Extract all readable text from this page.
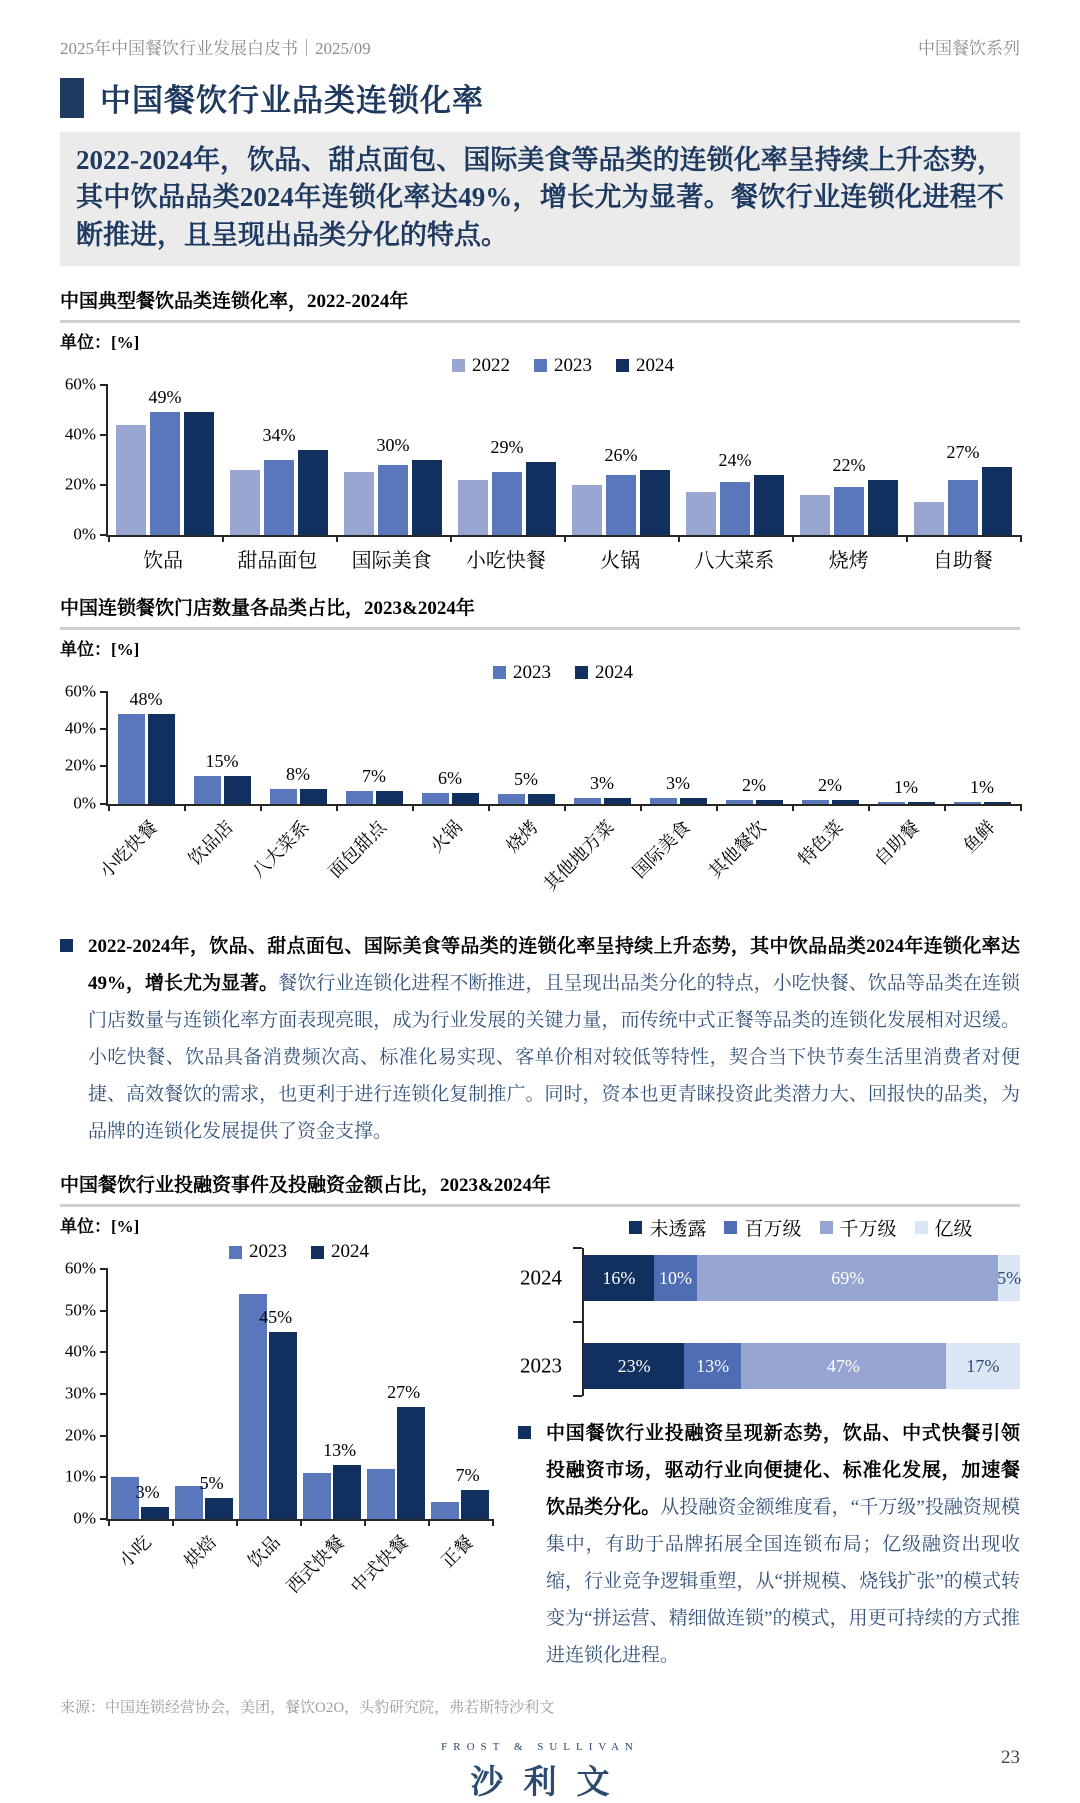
2025年中国餐饮行业发展白皮书｜2025/09	中国餐饮系列
中国餐饮行业品类连锁化率
2022-2024年，饮品、甜点面包、国际美食等品类的连锁化率呈持续上升态势，其中饮品品类2024年连锁化率达49%，增长尤为显著。餐饮行业连锁化进程不断推进，且呈现出品类分化的特点。
中国典型餐饮品类连锁化率，2022-2024年
单位：[%]
60%
40%
20%
0%
2022 2023 2024
49%
34%	30%	29%	26%	24%	22%
27%
饮品	甜品面包	国际美食	小吃快餐	火锅	八大菜系	烧烤	自助餐
中国连锁餐饮门店数量各品类占比，2023&2024年
单位：[%]
60%
40%
20%
0%
2023 2024
48%
15%
8%	7%	6%	5%	3%	3%	2%	2%	1%	1%
小吃快餐 饮品店 八大菜系 面包甜点 火锅 烧烤
其他地方菜 国际美食 其他餐饮 特色菜 自助餐 鱼鲜

2022-2024年，饮品、甜点面包、国际美食等品类的连锁化率呈持续上升态势，其中饮品品类2024年连锁化率达49%，增长尤为显著。餐饮行业连锁化进程不断推进，且呈现出品类分化的特点，小吃快餐、饮品等品类在连锁门店数量与连锁化率方面表现亮眼，成为行业发展的关键力量，而传统中式正餐等品类的连锁化发展相对迟缓。小吃快餐、饮品具备消费频次高、标准化易实现、客单价相对较低等特性，契合当下快节奏生活里消费者对便捷、高效餐饮的需求，也更利于进行连锁化复制推广。同时，资本也更青睐投资此类潜力大、回报快的品类，为品牌的连锁化发展提供了资金支撑。

中国餐饮行业投融资事件及投融资金额占比，2023&2024年
单位：[%]
60%
50%
40%
30%
20%
10%
0%
2023 2024
3% 5%
45%
13%
27%
7%
小吃 烘焙 饮品 西式快餐 中式快餐 正餐
未透露 百万级 千万级 亿级
2024	16%	10%	69%	5%
2023	23%	13%	47%	17%

中国餐饮行业投融资呈现新态势，饮品、中式快餐引领投融资市场，驱动行业向便捷化、标准化发展，加速餐饮品类分化。从投融资金额维度看，“千万级”投融资规模集中，有助于品牌拓展全国连锁布局；亿级融资出现收缩，行业竞争逻辑重塑，从“拼规模、烧钱扩张”的模式转变为“拼运营、精细做连锁”的模式，用更可持续的方式推进连锁化进程。

来源：中国连锁经营协会，美团，餐饮O2O，头豹研究院，弗若斯特沙利文
FROST & SULLIVAN
沙利文
23
